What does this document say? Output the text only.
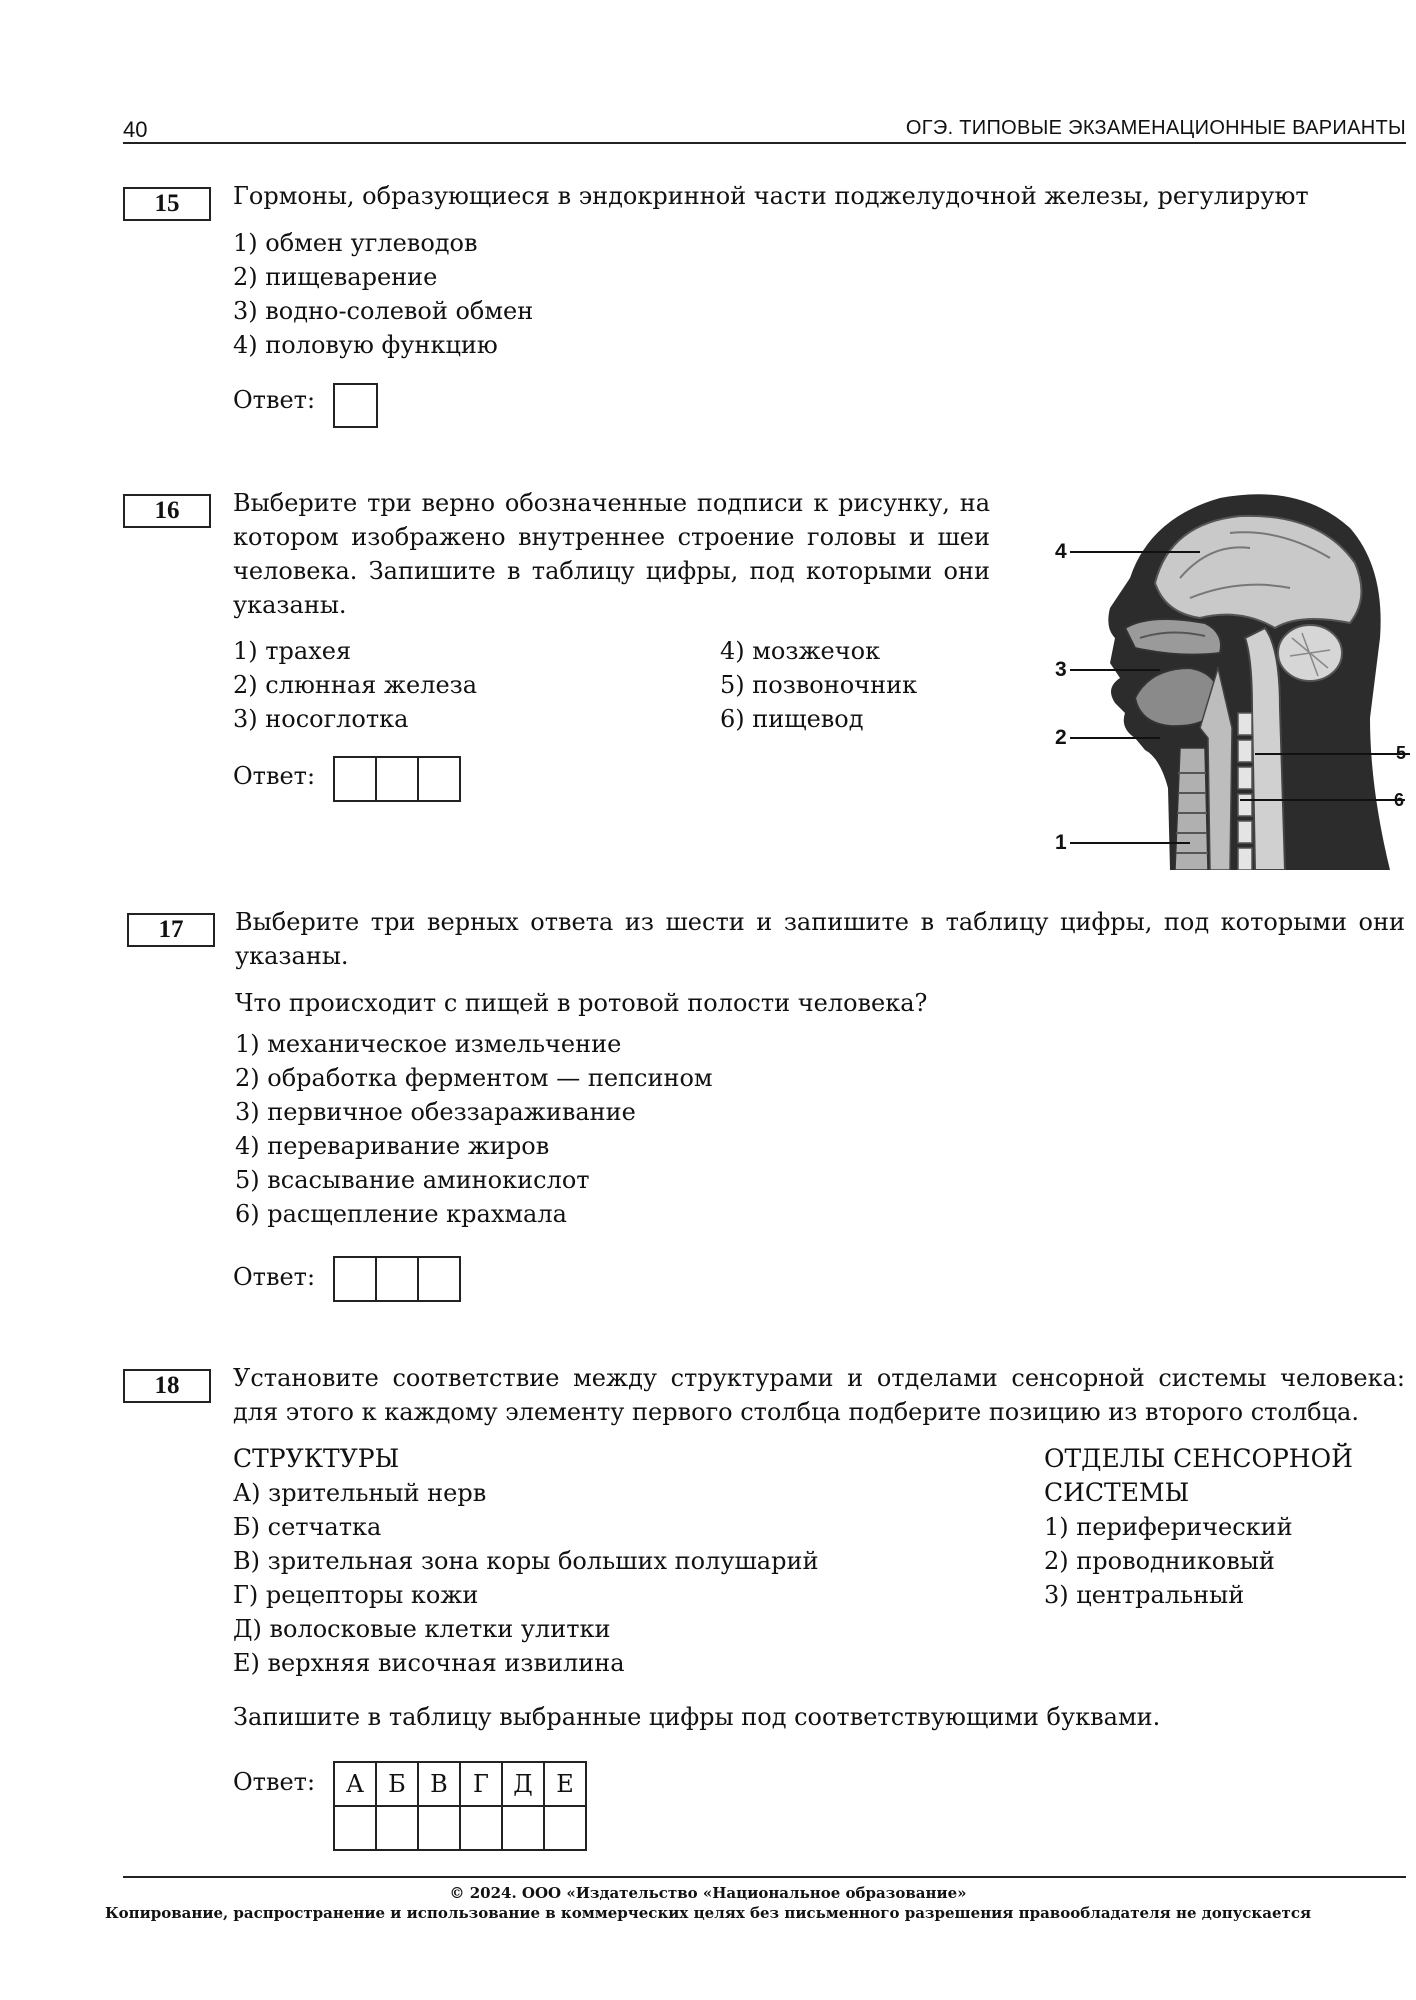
40	ОГЭ. ТИПОВЫЕ ЭКЗАМЕНАЦИОННЫЕ ВАРИАНТЫ
15	Гормоны, образующиеся в эндокринной части поджелудочной железы, регулируют
1) обмен углеводов
2) пищеварение
3) водно-солевой обмен
4) половую функцию
Ответ:
16	Выберите три верно обозначенные подписи к рисунку, на котором изображено внутреннее строение головы и шеи человека. Запишите в таблицу цифры, под которыми они указаны.
1) трахея
2) слюнная железа
3) носоглотка
4) мозжечок
5) позвоночник
6) пищевод
Ответ:

4
3
2
1
5
6
17	Выберите три верных ответа из шести и запишите в таблицу цифры, под которыми они указаны.
Что происходит с пищей в ротовой полости человека?
1) механическое измельчение
2) обработка ферментом — пепсином
3) первичное обеззараживание
4) переваривание жиров
5) всасывание аминокислот
6) расщепление крахмала
Ответ:

18	Установите соответствие между структурами и отделами сенсорной системы человека: для этого к каждому элементу первого столбца подберите позицию из второго столбца.
СТРУКТУРЫ
А) зрительный нерв
Б) сетчатка
В) зрительная зона коры больших полушарий
Г) рецепторы кожи
Д) волосковые клетки улитки
Е) верхняя височная извилина
ОТДЕЛЫ СЕНСОРНОЙ
СИСТЕМЫ
1) периферический
2) проводниковый
3) центральный
Запишите в таблицу выбранные цифры под соответствующими буквами.
Ответ: А	Б	В	Г	Д	Е

© 2024. ООО «Издательство «Национальное образование»
Копирование, распространение и использование в коммерческих целях без письменного разрешения правообладателя не допускается
